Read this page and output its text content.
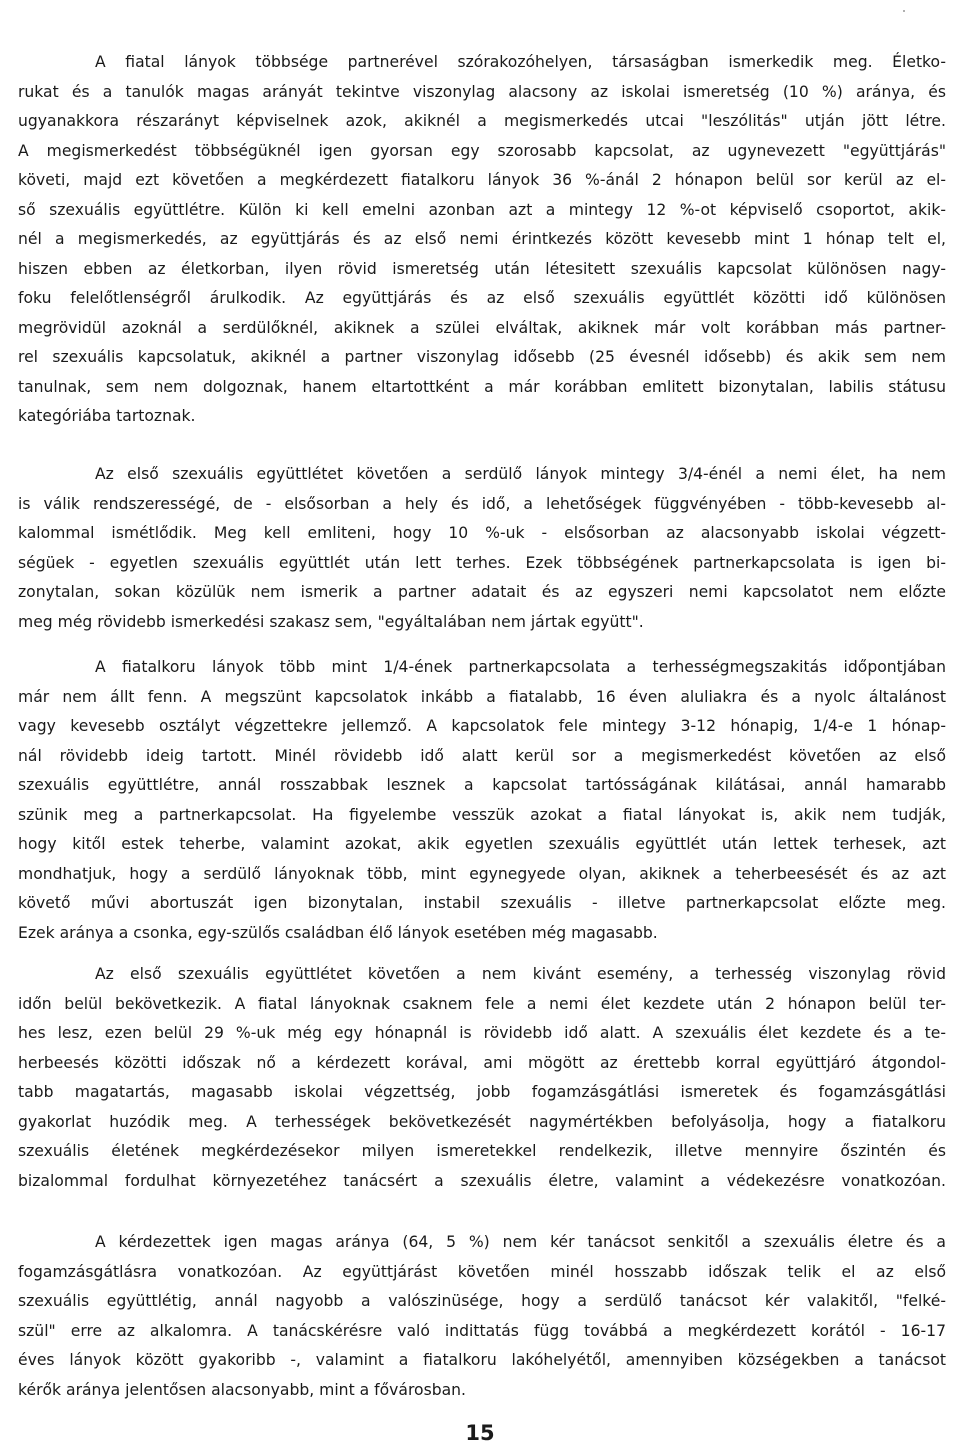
A fiatal lányok többsége partnerével szórakozóhelyen, társaságban ismerkedik meg. Életko-
rukat és a tanulók magas arányát tekintve viszonylag alacsony az iskolai ismeretség (10 %) aránya, és
ugyanakkora részarányt képviselnek azok, akiknél a megismerkedés utcai "leszólitás" utján jött létre.
A megismerkedést többségüknél igen gyorsan egy szorosabb kapcsolat, az ugynevezett "együttjárás"
követi, majd ezt követően a megkérdezett fiatalkoru lányok 36 %-ánál 2 hónapon belül sor kerül az el-
ső szexuális együttlétre. Külön ki kell emelni azonban azt a mintegy 12 %-ot képviselő csoportot, akik-
nél a megismerkedés, az együttjárás és az első nemi érintkezés között kevesebb mint 1 hónap telt el,
hiszen ebben az életkorban, ilyen rövid ismeretség után létesitett szexuális kapcsolat különösen nagy-
foku felelőtlenségről árulkodik. Az együttjárás és az első szexuális együttlét közötti idő különösen
megrövidül azoknál a serdülőknél, akiknek a szülei elváltak, akiknek már volt korábban más partner-
rel szexuális kapcsolatuk, akiknél a partner viszonylag idősebb (25 évesnél idősebb) és akik sem nem
tanulnak, sem nem dolgoznak, hanem eltartottként a már korábban emlitett bizonytalan, labilis státusu
kategóriába tartoznak.
Az első szexuális együttlétet követően a serdülő lányok mintegy 3/4-énél a nemi élet, ha nem
is válik rendszerességé, de - elsősorban a hely és idő, a lehetőségek függvényében - több-kevesebb al-
kalommal ismétlődik. Meg kell emliteni, hogy 10 %-uk - elsősorban az alacsonyabb iskolai végzett-
ségüek - egyetlen szexuális együttlét után lett terhes. Ezek többségének partnerkapcsolata is igen bi-
zonytalan, sokan közülük nem ismerik a partner adatait és az egyszeri nemi kapcsolatot nem előzte
meg még rövidebb ismerkedési szakasz sem, "egyáltalában nem jártak együtt".
A fiatalkoru lányok több mint 1/4-ének partnerkapcsolata a terhességmegszakitás időpontjában
már nem állt fenn. A megszünt kapcsolatok inkább a fiatalabb, 16 éven aluliakra és a nyolc általánost
vagy kevesebb osztályt végzettekre jellemző. A kapcsolatok fele mintegy 3-12 hónapig, 1/4-e 1 hónap-
nál rövidebb ideig tartott. Minél rövidebb idő alatt kerül sor a megismerkedést követően az első
szexuális együttlétre, annál rosszabbak lesznek a kapcsolat tartósságának kilátásai, annál hamarabb
szünik meg a partnerkapcsolat. Ha figyelembe vesszük azokat a fiatal lányokat is, akik nem tudják,
hogy kitől estek teherbe, valamint azokat, akik egyetlen szexuális együttlét után lettek terhesek, azt
mondhatjuk, hogy a serdülő lányoknak több, mint egynegyede olyan, akiknek a teherbeesését és az azt
követő művi abortuszát igen bizonytalan, instabil szexuális - illetve partnerkapcsolat előzte meg.
Ezek aránya a csonka, egy-szülős családban élő lányok esetében még magasabb.
Az első szexuális együttlétet követően a nem kivánt esemény, a terhesség viszonylag rövid
időn belül bekövetkezik. A fiatal lányoknak csaknem fele a nemi élet kezdete után 2 hónapon belül ter-
hes lesz, ezen belül 29 %-uk még egy hónapnál is rövidebb idő alatt. A szexuális élet kezdete és a te-
herbeesés közötti időszak nő a kérdezett korával, ami mögött az érettebb korral együttjáró átgondol-
tabb magatartás, magasabb iskolai végzettség, jobb fogamzásgátlási ismeretek és fogamzásgátlási
gyakorlat huzódik meg. A terhességek bekövetkezését nagymértékben befolyásolja, hogy a fiatalkoru
szexuális életének megkérdezésekor milyen ismeretekkel rendelkezik, illetve mennyire őszintén és
bizalommal fordulhat környezetéhez tanácsért a szexuális életre, valamint a védekezésre vonatkozóan.
A kérdezettek igen magas aránya (64, 5 %) nem kér tanácsot senkitől a szexuális életre és a
fogamzásgátlásra vonatkozóan. Az együttjárást követően minél hosszabb időszak telik el az első
szexuális együttlétig, annál nagyobb a valószinüsége, hogy a serdülő tanácsot kér valakitől, "felké-
szül" erre az alkalomra. A tanácskérésre való indittatás függ továbbá a megkérdezett korától - 16-17
éves lányok között gyakoribb -, valamint a fiatalkoru lakóhelyétől, amennyiben községekben a tanácsot
kérők aránya jelentősen alacsonyabb, mint a fővárosban.
15
